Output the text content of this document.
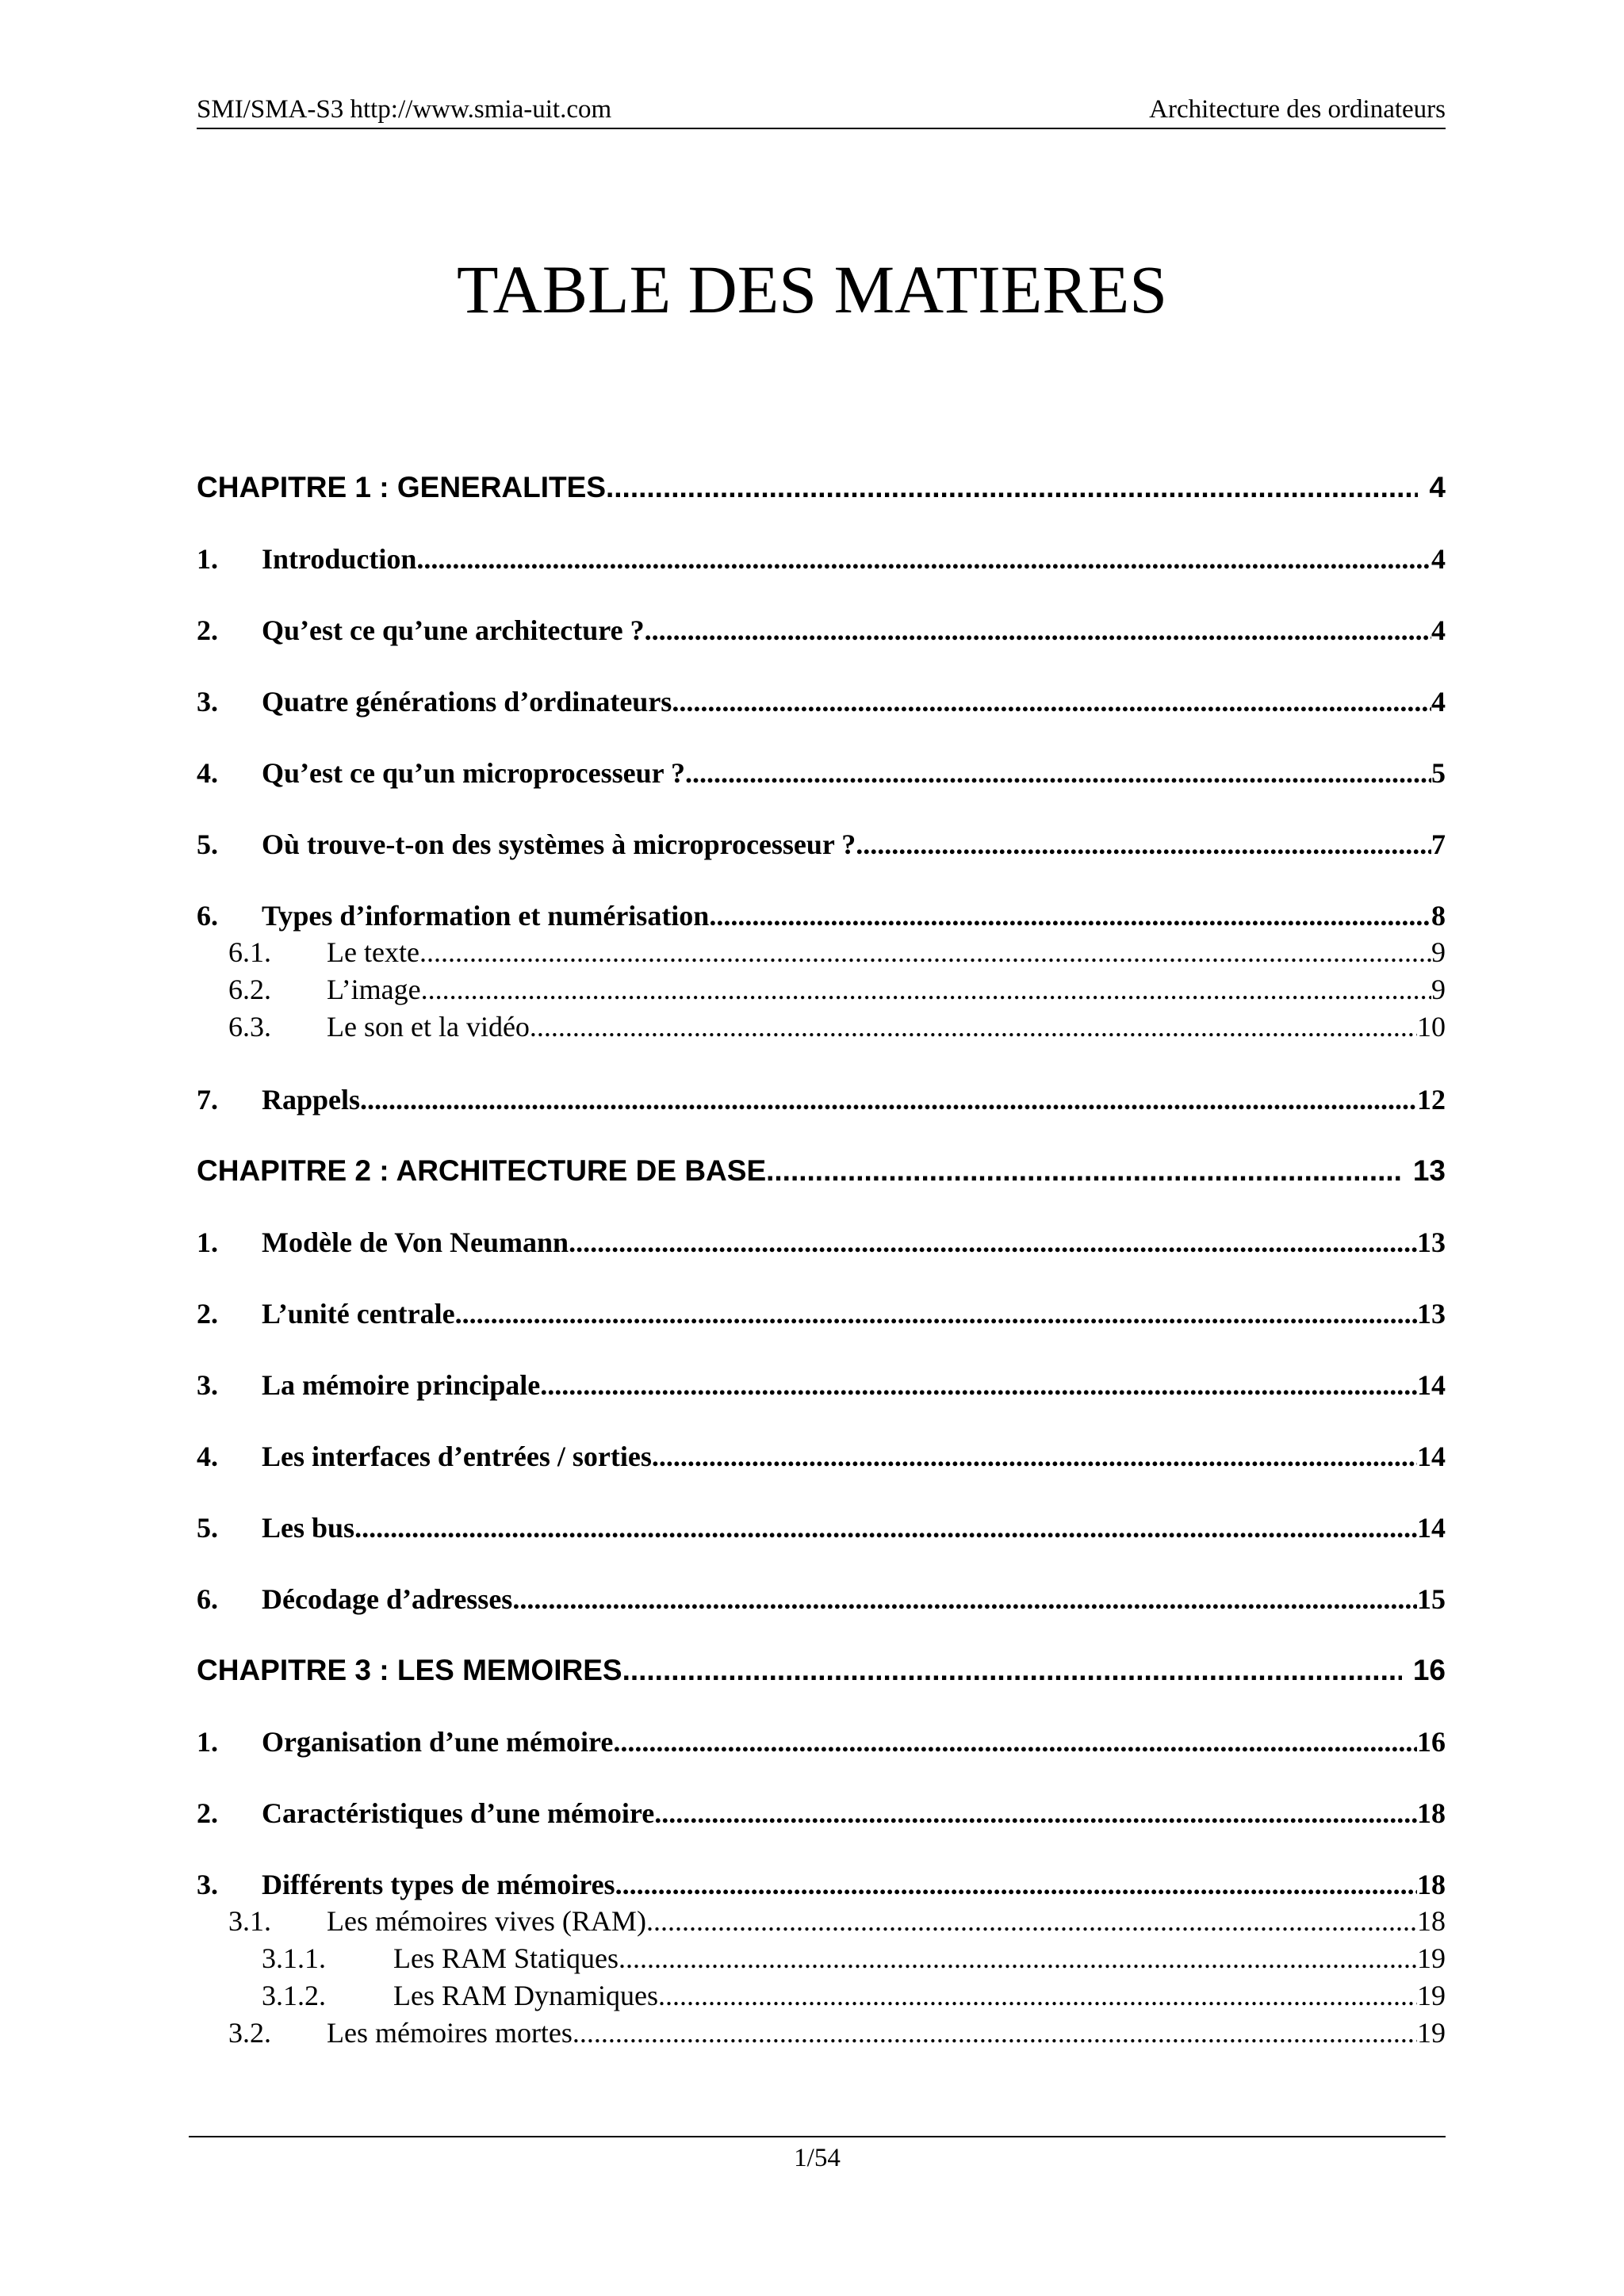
SMI/SMA-S3 http://www.smia-uit.com	Architecture des ordinateurs
TABLE DES MATIERES
CHAPITRE 1 : GENERALITES .....	4
1.	Introduction .....	4
2.	Qu’est ce qu’une architecture ? .....	4
3.	Quatre générations d’ordinateurs .....	4
4.	Qu’est ce qu’un microprocesseur ? .....	5
5.	Où trouve-t-on des systèmes à microprocesseur ? .....	7
6.	Types d’information et numérisation .....	8
6.1.	Le texte .....	9
6.2.	L’image .....	9
6.3.	Le son et la vidéo .....	10
7.	Rappels .....	12
CHAPITRE 2 : ARCHITECTURE DE BASE .....	13
1.	Modèle de Von Neumann .....	13
2.	L’unité centrale .....	13
3.	La mémoire principale .....	14
4.	Les interfaces d’entrées / sorties .....	14
5.	Les bus .....	14
6.	Décodage d’adresses .....	15
CHAPITRE 3 : LES MEMOIRES .....	16
1.	Organisation d’une mémoire .....	16
2.	Caractéristiques d’une mémoire .....	18
3.	Différents types de mémoires .....	18
3.1.	Les mémoires vives (RAM) .....	18
3.1.1.	Les RAM Statiques .....	19
3.1.2.	Les RAM Dynamiques .....	19
3.2.	Les mémoires mortes .....	19
1/54
